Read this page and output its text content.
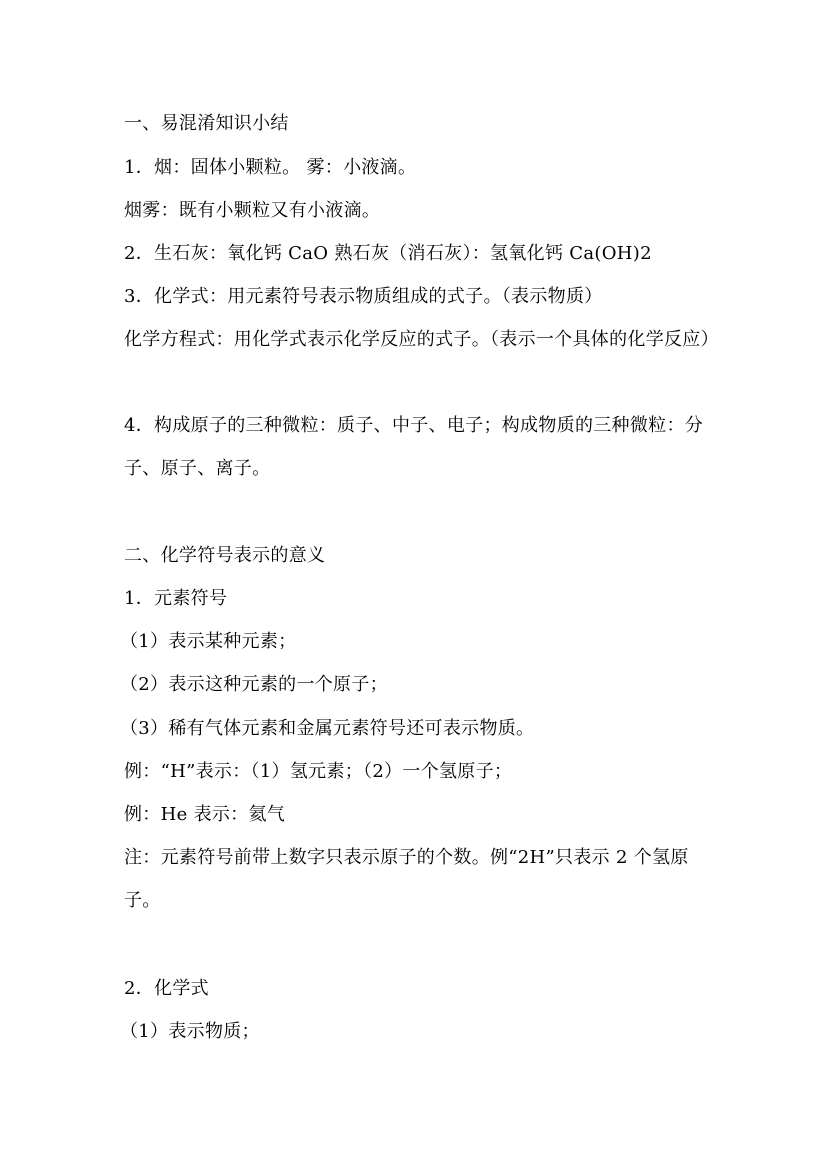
一、易混淆知识小结
1．烟：固体小颗粒。 雾：小液滴。
烟雾：既有小颗粒又有小液滴。
2．生石灰：氧化钙 CaO 熟石灰（消石灰）：氢氧化钙 Ca(OH)2
3．化学式：用元素符号表示物质组成的式子。（表示物质）
化学方程式：用化学式表示化学反应的式子。（表示一个具体的化学反应）
4．构成原子的三种微粒：质子、中子、电子；构成物质的三种微粒：分子、原子、离子。
二、化学符号表示的意义
1．元素符号
（1）表示某种元素；
（2）表示这种元素的一个原子；
（3）稀有气体元素和金属元素符号还可表示物质。
例：“H”表示：（1）氢元素；（2）一个氢原子；
例：He 表示：氦气
注：元素符号前带上数字只表示原子的个数。例“2H”只表示 2 个氢原子。
2．化学式
（1）表示物质；
